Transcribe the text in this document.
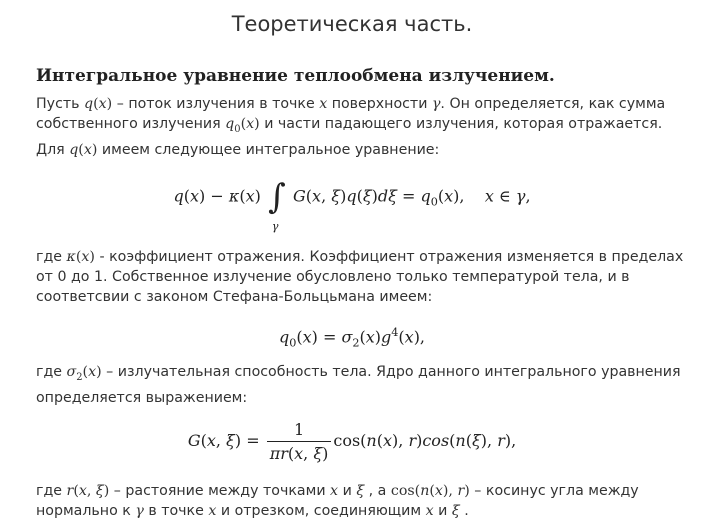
Теоретическая часть.
Интегральное уравнение теплообмена излучением.
Пусть q(x) – поток излучения в точке x поверхности γ. Он определяется, как сумма собственного излучения $q_0(x)$ и части падающего излучения, которая отражается. Для q(x) имеем следующее интегральное уравнение:
q(x) − κ(x) ∫
γ
G(x, $\xi)q(\xi)d\xi = q_0(x)$,    x ∈ γ,
где κ(x) - коэффициент отражения. Коэффициент отражения изменяется в пределах от 0 до 1. Собственное излучение обусловлено только температурой тела, и в соответсвии с законом Стефана-Больцьмана имеем:
$q_0(x) = \sigma_2(x)g^4(x)$,
где $\sigma_2(x)$ – излучательная способность тела. Ядро данного интегрального уравнения определяется выражением:
G(x, $\xi) = \frac{1}{\pi r(x, \xi)} \cos(n(x)$, r)cos(n(ξ), r),
где r(x, ξ) – растояние между точками x и ξ , а cos(n(x), r) – косинус угла между нормально к γ в точке x и отрезком, соединяющим x и ξ .
